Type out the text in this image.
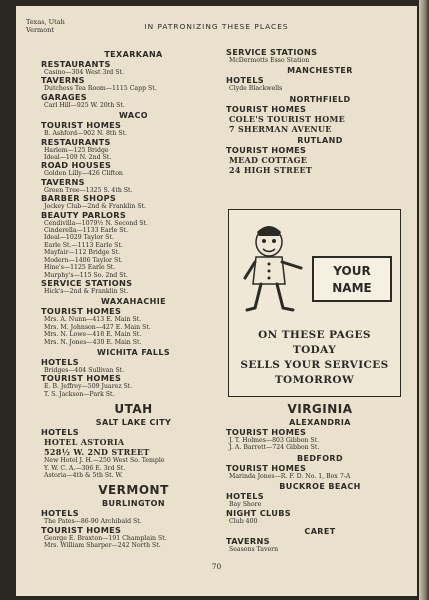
Texas, Utah
Vermont	IN PATRONIZING THESE PLACES
TEXARKANA
RESTAURANTS
Casino—304 West 3rd St.
TAVERNS
Dutchess Tea Room—1115 Capp St.
GARAGES
Carl Hill—925 W. 20th St.
WACO
TOURIST HOMES
B. Ashford—902 N. 8th St.
RESTAURANTS
Harlem—125 Bridge
Ideal—109 N. 2nd St.
ROAD HOUSES
Golden Lilly—426 Clifton
TAVERNS
Green Tree—1325 S. 4th St.
BARBER SHOPS
Jockey Club—2nd & Franklin St.
BEAUTY PARLORS
Cendivilla—1079½ N. Second St.
Cinderella—1133 Earle St.
Ideal—1029 Taylor St.
Earle St.—1113 Earle St.
Mayfair—112 Bridge St.
Modern—1406 Taylor St.
Hine's—1125 Earle St.
Murphy's—115 So. 2nd St.
SERVICE STATIONS
Hick's—2nd & Franklin St.
WAXAHACHIE
TOURIST HOMES
Mrs. A. Nunn—413 E. Main St.
Mrs. M. Johnson—427 E. Main St.
Mrs. N. Lowe—418 E. Main St.
Mrs. N. Jones—430 E. Main St.
WICHITA FALLS
HOTELS
Bridges—404 Sullivan St.
TOURIST HOMES
E. B. Jeffrey—509 Juarez St.
T. S. Jackson—Park St.
UTAH
SALT LAKE CITY
HOTELS
HOTEL ASTORIA
528½ W. 2ND STREET
New Hotel J. H.—250 West So. Temple
Y. W. C. A.—306 E. 3rd St.
Astoria—4th & 5th St. W.
VERMONT
BURLINGTON
HOTELS
The Pates—86-90 Archibald St.
TOURIST HOMES
George E. Braxton—191 Champlain St.
Mrs. William Sharper—242 North St.
SERVICE STATIONS
McDermotts Esso Station
MANCHESTER
HOTELS
Clyde Blackwells
NORTHFIELD
TOURIST HOMES
COLE'S TOURIST HOME
7 SHERMAN AVENUE
RUTLAND
TOURIST HOMES
MEAD COTTAGE
24 HIGH STREET
YOUR
NAME
ON THESE PAGES
TODAY
SELLS YOUR SERVICES
TOMORROW
VIRGINIA
ALEXANDRIA
TOURIST HOMES
J. T. Holmes—803 Gibbon St.
J. A. Barrett—724 Gibbon St.
BEDFORD
TOURIST HOMES
Marinda Jones—R. F. D. No. 1, Box 7-A
BUCKROE BEACH
HOTELS
Bay Shore
NIGHT CLUBS
Club 400
CARET
TAVERNS
Seasons Tavern
70
